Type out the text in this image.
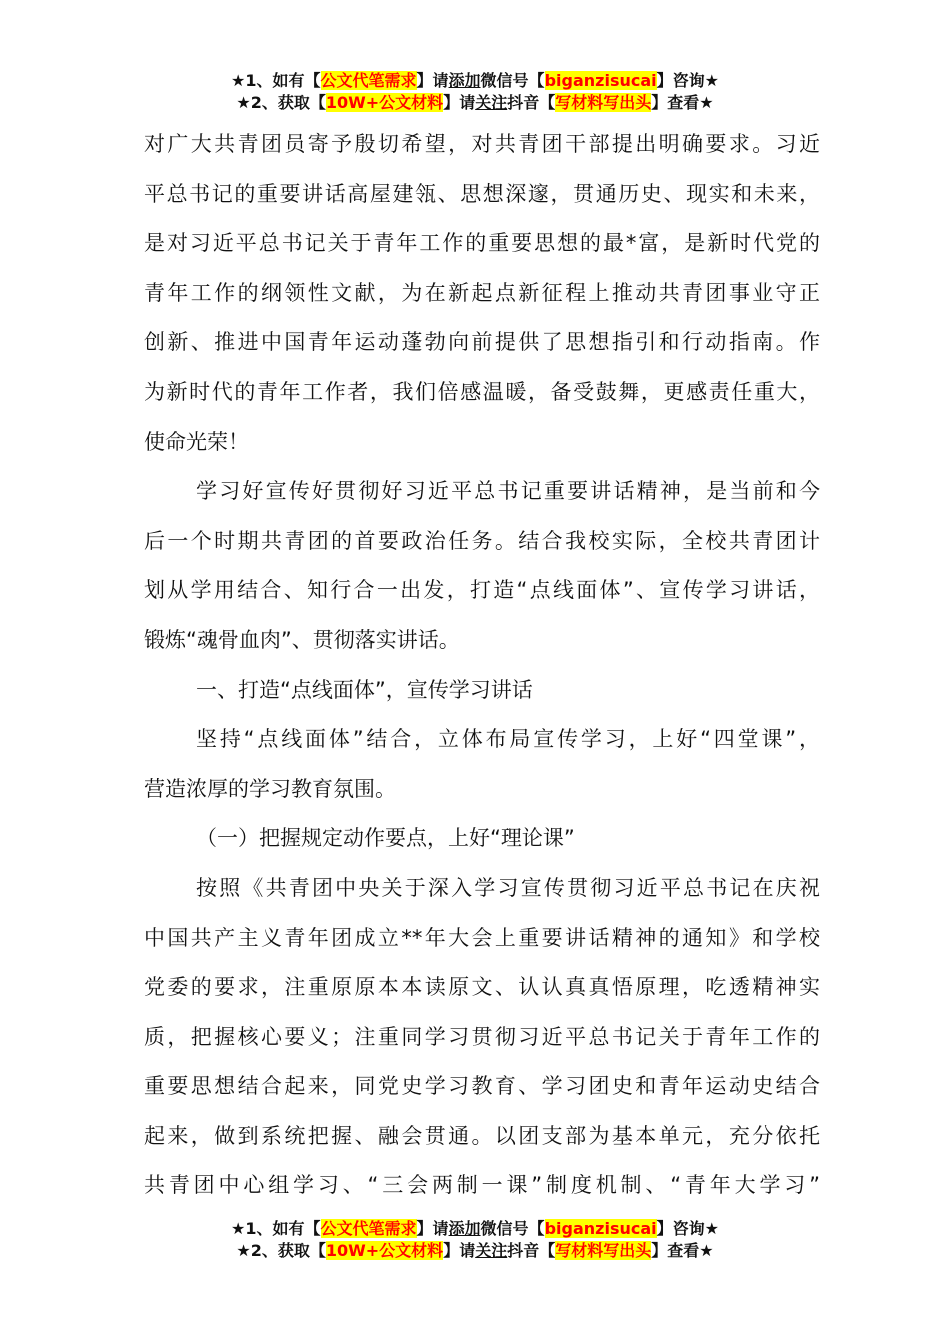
★1、如有【公文代笔需求】请添加微信号【biganzisucai】咨询★
★2、获取【10W+公文材料】请关注抖音【写材料写出头】查看★
对广大共青团员寄予殷切希望，对共青团干部提出明确要求。习近
平总书记的重要讲话高屋建瓴、思想深邃，贯通历史、现实和未来，
是对习近平总书记关于青年工作的重要思想的最*富，是新时代党的
青年工作的纲领性文献，为在新起点新征程上推动共青团事业守正
创新、推进中国青年运动蓬勃向前提供了思想指引和行动指南。作
为新时代的青年工作者，我们倍感温暖，备受鼓舞，更感责任重大，
使命光荣！
学习好宣传好贯彻好习近平总书记重要讲话精神，是当前和今
后一个时期共青团的首要政治任务。结合我校实际，全校共青团计
划从学用结合、知行合一出发，打造“点线面体”、宣传学习讲话，
锻炼“魂骨血肉”、贯彻落实讲话。
一、打造“点线面体”，宣传学习讲话
坚持“点线面体”结合，立体布局宣传学习，上好“四堂课”，
营造浓厚的学习教育氛围。
（一）把握规定动作要点，上好“理论课”
按照《共青团中央关于深入学习宣传贯彻习近平总书记在庆祝
中国共产主义青年团成立**年大会上重要讲话精神的通知》和学校
党委的要求，注重原原本本读原文、认认真真悟原理，吃透精神实
质，把握核心要义；注重同学习贯彻习近平总书记关于青年工作的
重要思想结合起来，同党史学习教育、学习团史和青年运动史结合
起来，做到系统把握、融会贯通。以团支部为基本单元，充分依托
共青团中心组学习、“三会两制一课”制度机制、“青年大学习”
★1、如有【公文代笔需求】请添加微信号【biganzisucai】咨询★
★2、获取【10W+公文材料】请关注抖音【写材料写出头】查看★
